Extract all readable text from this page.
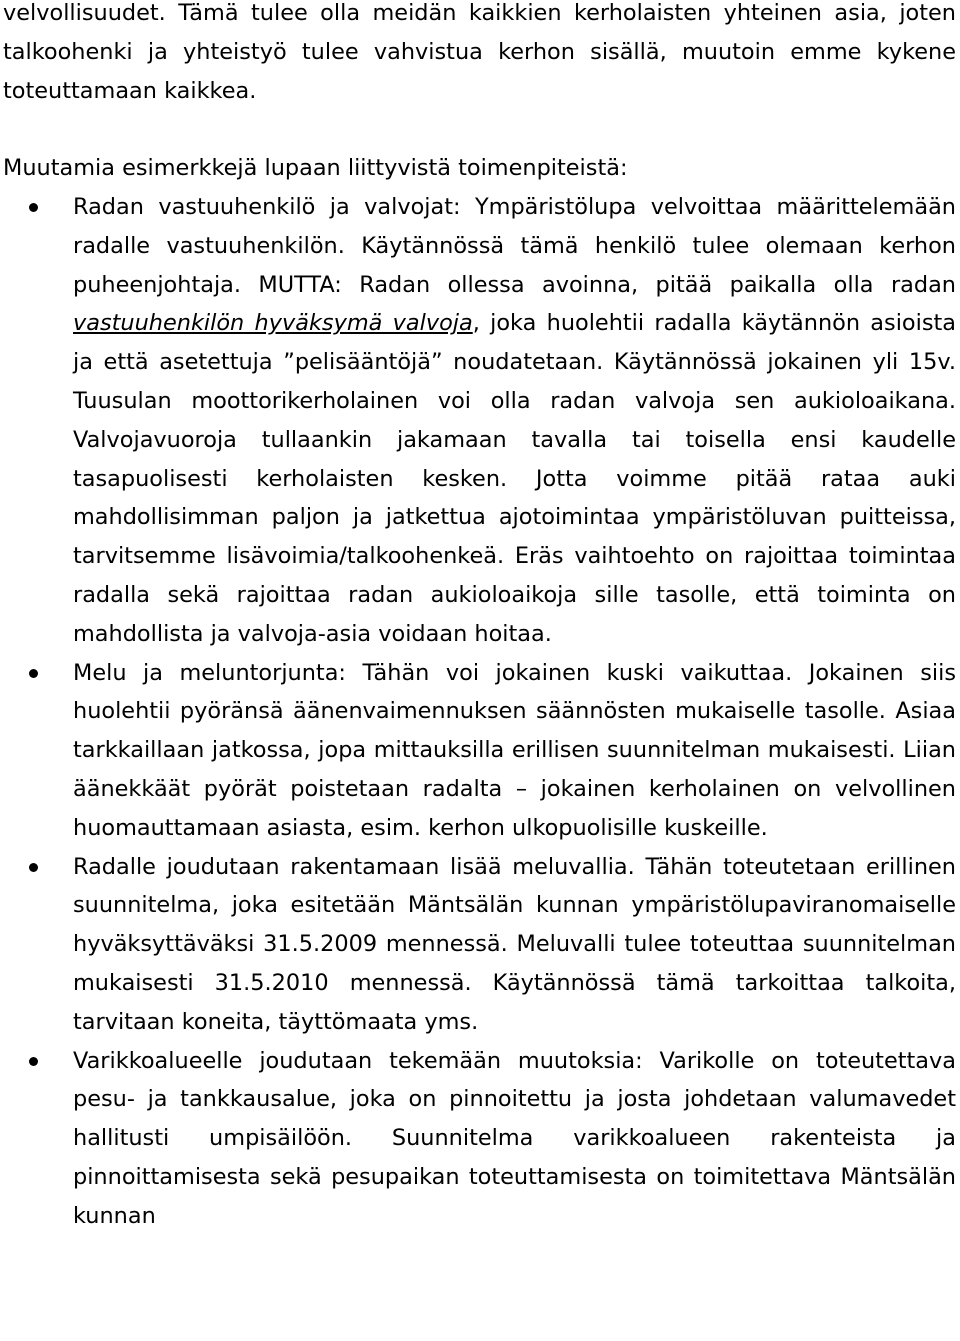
velvollisuudet. Tämä tulee olla meidän kaikkien kerholaisten yhteinen asia, joten talkoohenki ja yhteistyö tulee vahvistua kerhon sisällä, muutoin emme kykene toteuttamaan kaikkea.

Muutamia esimerkkejä lupaan liittyvistä toimenpiteistä:

Radan vastuuhenkilö ja valvojat: Ympäristölupa velvoittaa määrittelemään radalle vastuuhenkilön. Käytännössä tämä henkilö tulee olemaan kerhon puheenjohtaja. MUTTA: Radan ollessa avoinna, pitää paikalla olla radan vastuuhenkilön hyväksymä valvoja, joka huolehtii radalla käytännön asioista ja että asetettuja ”pelisääntöjä” noudatetaan. Käytännössä jokainen yli 15v. Tuusulan moottorikerholainen voi olla radan valvoja sen aukioloaikana. Valvojavuoroja tullaankin jakamaan tavalla tai toisella ensi kaudelle tasapuolisesti kerholaisten kesken. Jotta voimme pitää rataa auki mahdollisimman paljon ja jatkettua ajotoimintaa ympäristöluvan puitteissa, tarvitsemme lisävoimia/talkoohenkeä. Eräs vaihtoehto on rajoittaa toimintaa radalla sekä rajoittaa radan aukioloaikoja sille tasolle, että toiminta on mahdollista ja valvoja-asia voidaan hoitaa.
Melu ja meluntorjunta: Tähän voi jokainen kuski vaikuttaa. Jokainen siis huolehtii pyöränsä äänenvaimennuksen säännösten mukaiselle tasolle. Asiaa tarkkaillaan jatkossa, jopa mittauksilla erillisen suunnitelman mukaisesti. Liian äänekkäät pyörät poistetaan radalta – jokainen kerholainen on velvollinen huomauttamaan asiasta, esim. kerhon ulkopuolisille kuskeille.
Radalle joudutaan rakentamaan lisää meluvallia. Tähän toteutetaan erillinen suunnitelma, joka esitetään Mäntsälän kunnan ympäristölupaviranomaiselle hyväksyttäväksi 31.5.2009 mennessä. Meluvalli tulee toteuttaa suunnitelman mukaisesti 31.5.2010 mennessä. Käytännössä tämä tarkoittaa talkoita, tarvitaan koneita, täyttömaata yms.
Varikkoalueelle joudutaan tekemään muutoksia: Varikolle on toteutettava pesu- ja tankkausalue, joka on pinnoitettu ja josta johdetaan valumavedet hallitusti umpisäilöön. Suunnitelma varikkoalueen rakenteista ja pinnoittamisesta sekä pesupaikan toteuttamisesta on toimitettava Mäntsälän kunnan
